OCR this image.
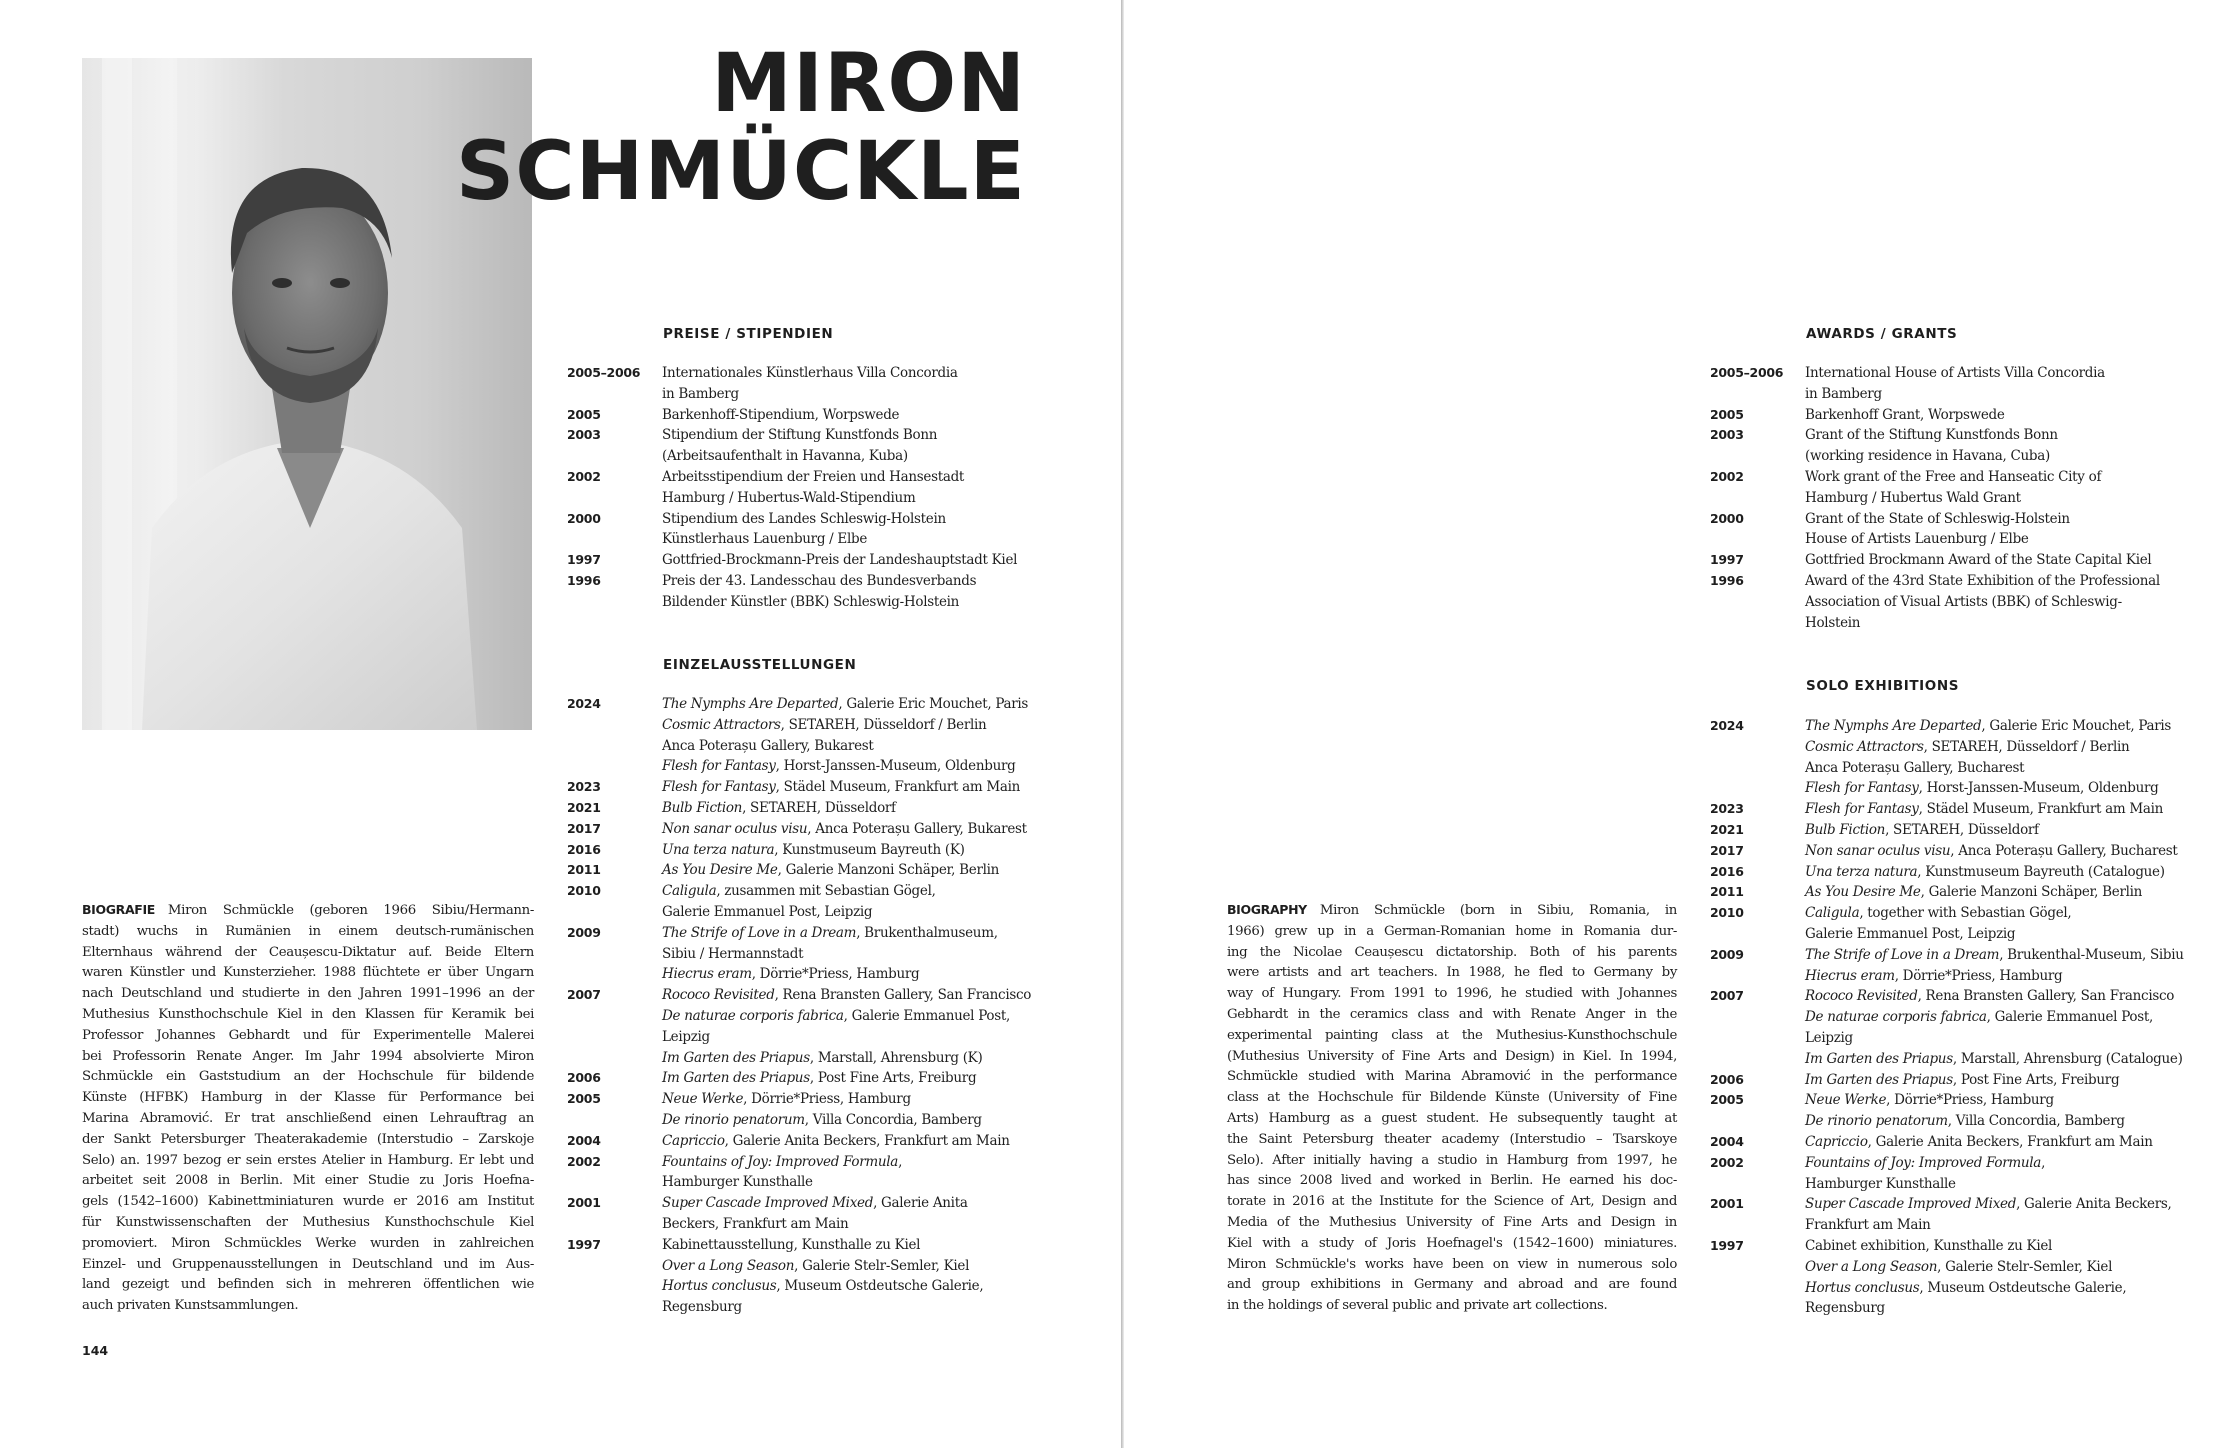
MIRON
SCHMÜCKLE
PREISE / STIPENDIEN
2005–2006	Internationales Künstlerhaus Villa Concordia
in Bamberg
2005	Barkenhoff-Stipendium, Worpswede
2003	Stipendium der Stiftung Kunstfonds Bonn
(Arbeitsaufenthalt in Havanna, Kuba)
2002	Arbeitsstipendium der Freien und Hansestadt
Hamburg / Hubertus-Wald-Stipendium
2000	Stipendium des Landes Schleswig-Holstein
Künstlerhaus Lauenburg / Elbe
1997	Gottfried-Brockmann-Preis der Landeshauptstadt Kiel
1996	Preis der 43. Landesschau des Bundesverbands
Bildender Künstler (BBK) Schleswig-Holstein
EINZELAUSSTELLUNGEN
2024	The Nymphs Are Departed, Galerie Eric Mouchet, Paris
Cosmic Attractors, SETAREH, Düsseldorf / Berlin
Anca Poterașu Gallery, Bukarest
Flesh for Fantasy, Horst-Janssen-Museum, Oldenburg
2023	Flesh for Fantasy, Städel Museum, Frankfurt am Main
2021	Bulb Fiction, SETAREH, Düsseldorf
2017	Non sanar oculus visu, Anca Poterașu Gallery, Bukarest
2016	Una terza natura, Kunstmuseum Bayreuth (K)
2011	As You Desire Me, Galerie Manzoni Schäper, Berlin
2010	Caligula, zusammen mit Sebastian Gögel,
Galerie Emmanuel Post, Leipzig
2009	The Strife of Love in a Dream, Brukenthalmuseum,
Sibiu / Hermannstadt
Hiecrus eram, Dörrie*Priess, Hamburg
2007	Rococo Revisited, Rena Bransten Gallery, San Francisco
De naturae corporis fabrica, Galerie Emmanuel Post,
Leipzig
Im Garten des Priapus, Marstall, Ahrensburg (K)
2006	Im Garten des Priapus, Post Fine Arts, Freiburg
2005	Neue Werke, Dörrie*Priess, Hamburg
De rinorio penatorum, Villa Concordia, Bamberg
2004	Capriccio, Galerie Anita Beckers, Frankfurt am Main
2002	Fountains of Joy: Improved Formula,
Hamburger Kunsthalle
2001	Super Cascade Improved Mixed, Galerie Anita
Beckers, Frankfurt am Main
1997	Kabinettausstellung, Kunsthalle zu Kiel
Over a Long Season, Galerie Stelr-Semler, Kiel
Hortus conclusus, Museum Ostdeutsche Galerie,
Regensburg

BIOGRAFIE Miron Schmückle (geboren 1966 Sibiu/Hermann-
stadt) wuchs in Rumänien in einem deutsch-rumänischen
Elternhaus während der Ceaușescu-Diktatur auf. Beide Eltern
waren Künstler und Kunsterzieher. 1988 flüchtete er über Ungarn
nach Deutschland und studierte in den Jahren 1991–1996 an der
Muthesius Kunsthochschule Kiel in den Klassen für Keramik bei
Professor Johannes Gebhardt und für Experimentelle Malerei
bei Professorin Renate Anger. Im Jahr 1994 absolvierte Miron
Schmückle ein Gaststudium an der Hochschule für bildende
Künste (HFBK) Hamburg in der Klasse für Performance bei
Marina Abramović. Er trat anschließend einen Lehrauftrag an
der Sankt Petersburger Theaterakademie (Interstudio – Zarskoje
Selo) an. 1997 bezog er sein erstes Atelier in Hamburg. Er lebt und
arbeitet seit 2008 in Berlin. Mit einer Studie zu Joris Hoefna-
gels (1542–1600) Kabinettminiaturen wurde er 2016 am Institut
für Kunstwissenschaften der Muthesius Kunsthochschule Kiel
promoviert. Miron Schmückles Werke wurden in zahlreichen
Einzel- und Gruppenausstellungen in Deutschland und im Aus-
land gezeigt und befinden sich in mehreren öffentlichen wie
auch privaten Kunstsammlungen.

144
AWARDS / GRANTS
2005–2006	International House of Artists Villa Concordia
in Bamberg
2005	Barkenhoff Grant, Worpswede
2003	Grant of the Stiftung Kunstfonds Bonn
(working residence in Havana, Cuba)
2002	Work grant of the Free and Hanseatic City of
Hamburg / Hubertus Wald Grant
2000	Grant of the State of Schleswig-Holstein
House of Artists Lauenburg / Elbe
1997	Gottfried Brockmann Award of the State Capital Kiel
1996	Award of the 43rd State Exhibition of the Professional
Association of Visual Artists (BBK) of Schleswig-
Holstein
SOLO EXHIBITIONS
2024	The Nymphs Are Departed, Galerie Eric Mouchet, Paris
Cosmic Attractors, SETAREH, Düsseldorf / Berlin
Anca Poterașu Gallery, Bucharest
Flesh for Fantasy, Horst-Janssen-Museum, Oldenburg
2023	Flesh for Fantasy, Städel Museum, Frankfurt am Main
2021	Bulb Fiction, SETAREH, Düsseldorf
2017	Non sanar oculus visu, Anca Poterașu Gallery, Bucharest
2016	Una terza natura, Kunstmuseum Bayreuth (Catalogue)
2011	As You Desire Me, Galerie Manzoni Schäper, Berlin
2010	Caligula, together with Sebastian Gögel,
Galerie Emmanuel Post, Leipzig
2009	The Strife of Love in a Dream, Brukenthal-Museum, Sibiu
Hiecrus eram, Dörrie*Priess, Hamburg
2007	Rococo Revisited, Rena Bransten Gallery, San Francisco
De naturae corporis fabrica, Galerie Emmanuel Post,
Leipzig
Im Garten des Priapus, Marstall, Ahrensburg (Catalogue)
2006	Im Garten des Priapus, Post Fine Arts, Freiburg
2005	Neue Werke, Dörrie*Priess, Hamburg
De rinorio penatorum, Villa Concordia, Bamberg
2004	Capriccio, Galerie Anita Beckers, Frankfurt am Main
2002	Fountains of Joy: Improved Formula,
Hamburger Kunsthalle
2001	Super Cascade Improved Mixed, Galerie Anita Beckers,
Frankfurt am Main
1997	Cabinet exhibition, Kunsthalle zu Kiel
Over a Long Season, Galerie Stelr-Semler, Kiel
Hortus conclusus, Museum Ostdeutsche Galerie,
Regensburg

BIOGRAPHY Miron Schmückle (born in Sibiu, Romania, in
1966) grew up in a German-Romanian home in Romania dur-
ing the Nicolae Ceaușescu dictatorship. Both of his parents
were artists and art teachers. In 1988, he fled to Germany by
way of Hungary. From 1991 to 1996, he studied with Johannes
Gebhardt in the ceramics class and with Renate Anger in the
experimental painting class at the Muthesius-Kunsthochschule
(Muthesius University of Fine Arts and Design) in Kiel. In 1994,
Schmückle studied with Marina Abramović in the performance
class at the Hochschule für Bildende Künste (University of Fine
Arts) Hamburg as a guest student. He subsequently taught at
the Saint Petersburg theater academy (Interstudio – Tsarskoye
Selo). After initially having a studio in Hamburg from 1997, he
has since 2008 lived and worked in Berlin. He earned his doc-
torate in 2016 at the Institute for the Science of Art, Design and
Media of the Muthesius University of Fine Arts and Design in
Kiel with a study of Joris Hoefnagel's (1542–1600) miniatures.
Miron Schmückle's works have been on view in numerous solo
and group exhibitions in Germany and abroad and are found
in the holdings of several public and private art collections.
